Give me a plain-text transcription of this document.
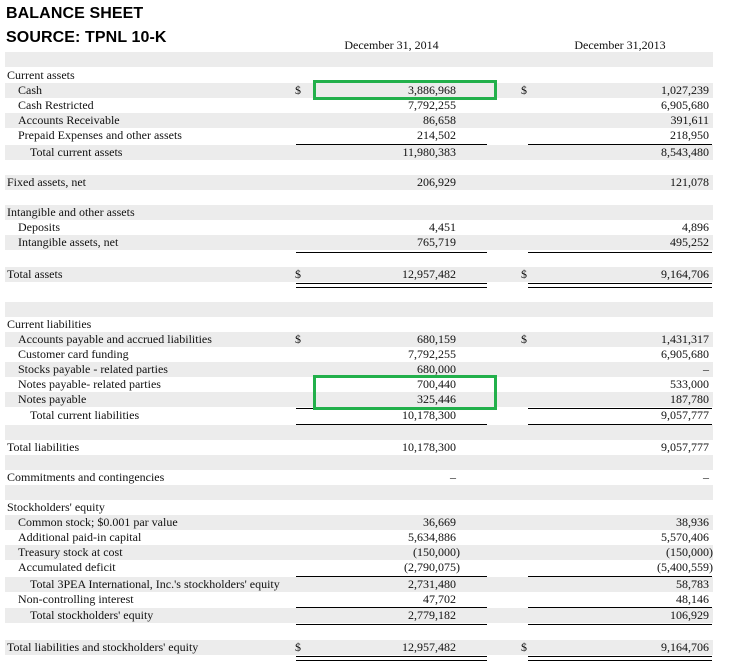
BALANCE SHEET
SOURCE: TPNL 10-K	December 31, 2014	December 31,2013
Current assets
Cash	$	3,886,968	$	1,027,239
Cash Restricted	7,792,255	6,905,680
Accounts Receivable	86,658	391,611
Prepaid Expenses and other assets	214,502	218,950
Total current assets	11,980,383	8,543,480
Fixed assets, net	206,929	121,078
Intangible and other assets
Deposits	4,451	4,896
Intangible assets, net	765,719	495,252
Total assets	$	12,957,482	$	9,164,706
Current liabilities
Accounts payable and accrued liabilities	$	680,159	$	1,431,317
Customer card funding	7,792,255	6,905,680
Stocks payable - related parties	680,000	–
Notes payable- related parties	700,440	533,000
Notes payable	325,446	187,780
Total current liabilities	10,178,300	9,057,777
Total liabilities	10,178,300	9,057,777
Commitments and contingencies	–	–
Stockholders' equity
Common stock; $0.001 par value	36,669	38,936
Additional paid-in capital	5,634,886	5,570,406
Treasury stock at cost	(150,000)	(150,000)
Accumulated deficit	(2,790,075)	(5,400,559)
Total 3PEA International, Inc.'s stockholders' equity	2,731,480	58,783
Non-controlling interest	47,702	48,146
Total stockholders' equity	2,779,182	106,929
Total liabilities and stockholders' equity	$	12,957,482	$	9,164,706
